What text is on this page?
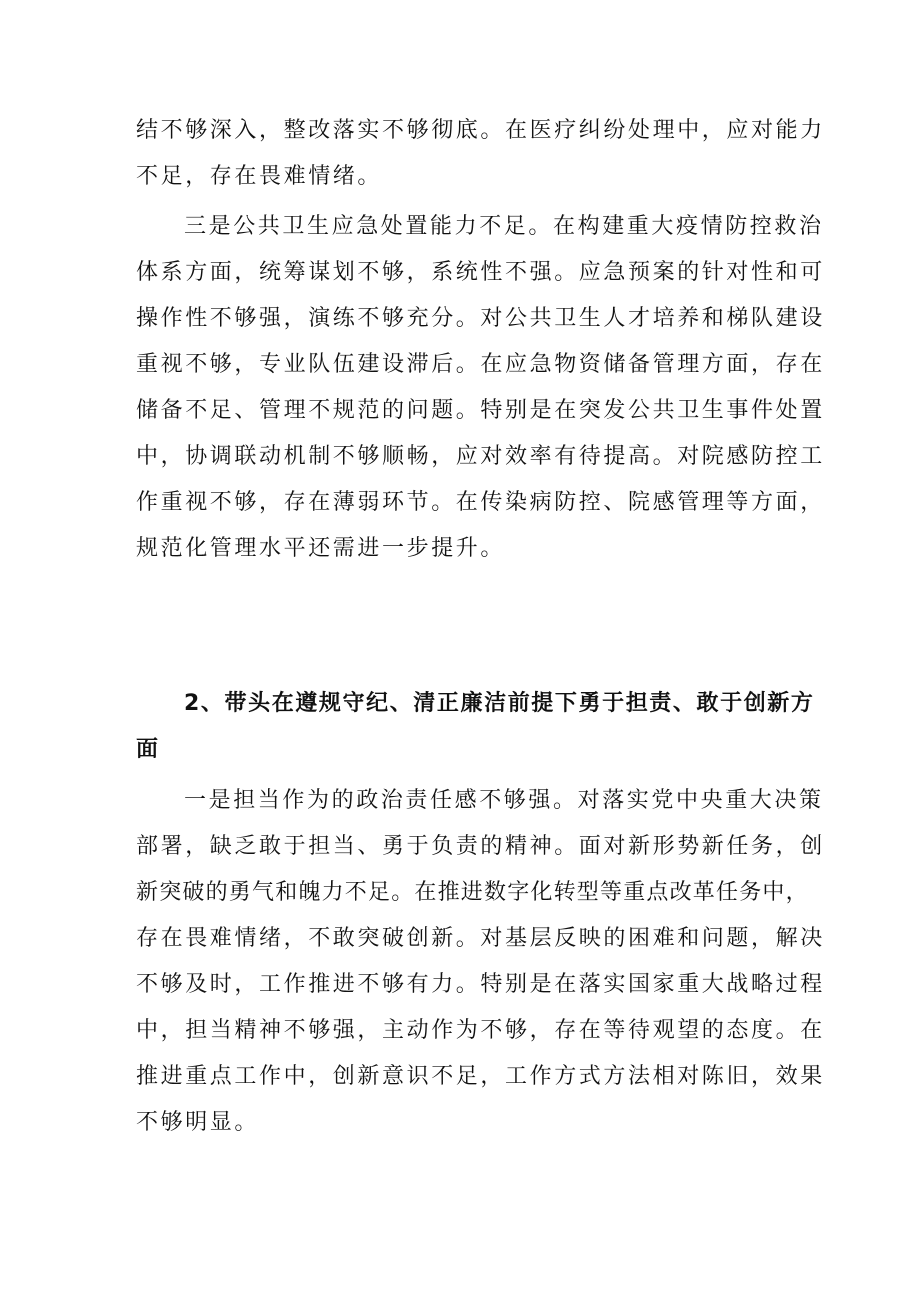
结不够深入，整改落实不够彻底。在医疗纠纷处理中，应对能力
不足，存在畏难情绪。
三是公共卫生应急处置能力不足。在构建重大疫情防控救治
体系方面，统筹谋划不够，系统性不强。应急预案的针对性和可
操作性不够强，演练不够充分。对公共卫生人才培养和梯队建设
重视不够，专业队伍建设滞后。在应急物资储备管理方面，存在
储备不足、管理不规范的问题。特别是在突发公共卫生事件处置
中，协调联动机制不够顺畅，应对效率有待提高。对院感防控工
作重视不够，存在薄弱环节。在传染病防控、院感管理等方面，
规范化管理水平还需进一步提升。
2、带头在遵规守纪、清正廉洁前提下勇于担责、敢于创新方
面
一是担当作为的政治责任感不够强。对落实党中央重大决策
部署，缺乏敢于担当、勇于负责的精神。面对新形势新任务，创
新突破的勇气和魄力不足。在推进数字化转型等重点改革任务中，
存在畏难情绪，不敢突破创新。对基层反映的困难和问题，解决
不够及时，工作推进不够有力。特别是在落实国家重大战略过程
中，担当精神不够强，主动作为不够，存在等待观望的态度。在
推进重点工作中，创新意识不足，工作方式方法相对陈旧，效果
不够明显。
